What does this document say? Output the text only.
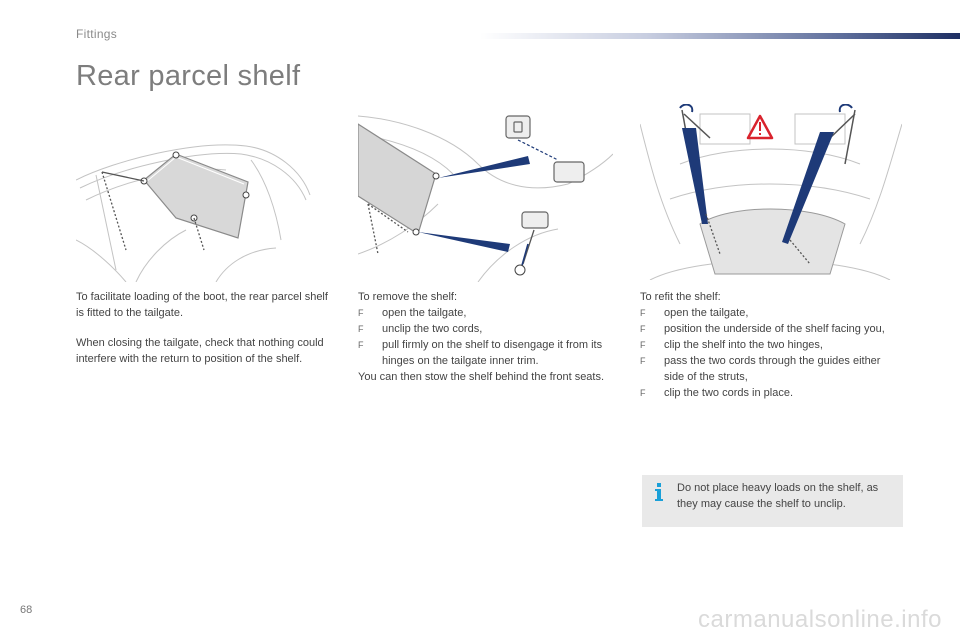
Fittings
Rear parcel shelf

To facilitate loading of the boot, the rear parcel shelf is fitted to the tailgate.

When closing the tailgate, check that nothing could interfere with the return to position of the shelf.

To remove the shelf:

F open the tailgate,
F unclip the two cords,
F pull firmly on the shelf to disengage it from its hinges on the tailgate inner trim.

You can then stow the shelf behind the front seats.

To refit the shelf:

F open the tailgate,
F position the underside of the shelf facing you,
F clip the shelf into the two hinges,
F pass the two cords through the guides either side of the struts,
F clip the two cords in place.
Do not place heavy loads on the shelf, as they may cause the shelf to unclip.
68	carmanualsonline.info
